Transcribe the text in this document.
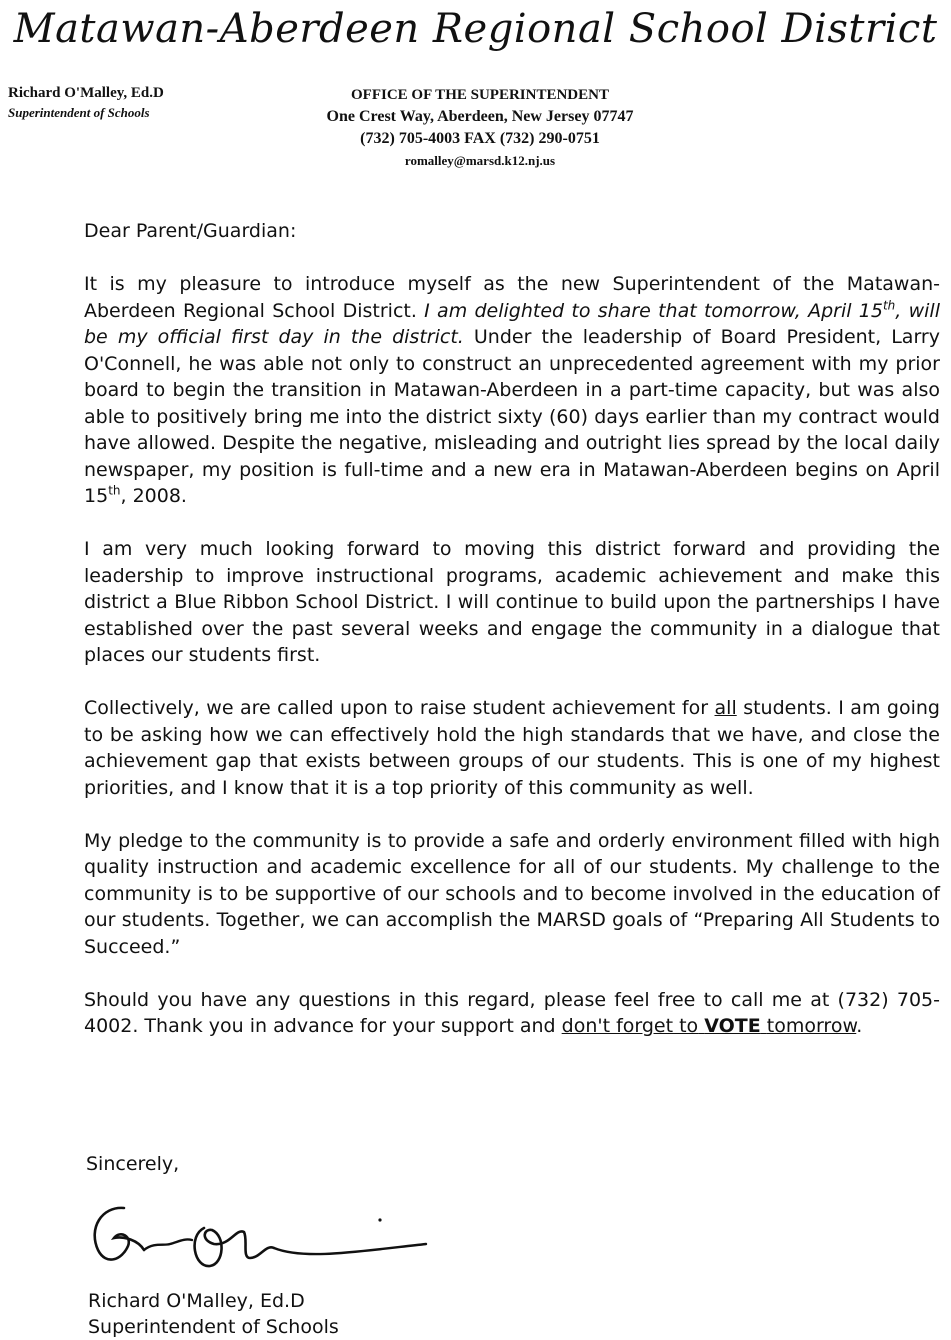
Matawan-Aberdeen Regional School District
Richard O'Malley, Ed.D
Superintendent of Schools
OFFICE OF THE SUPERINTENDENT
One Crest Way, Aberdeen, New Jersey 07747
(732) 705-4003 FAX (732) 290-0751
romalley@marsd.k12.nj.us
Dear Parent/Guardian:

It is my pleasure to introduce myself as the new Superintendent of the Matawan-Aberdeen Regional School District. I am delighted to share that tomorrow, April 15th, will be my official first day in the district. Under the leadership of Board President, Larry O'Connell, he was able not only to construct an unprecedented agreement with my prior board to begin the transition in Matawan-Aberdeen in a part-time capacity, but was also able to positively bring me into the district sixty (60) days earlier than my contract would have allowed. Despite the negative, misleading and outright lies spread by the local daily newspaper, my position is full-time and a new era in Matawan-Aberdeen begins on April 15th, 2008.

I am very much looking forward to moving this district forward and providing the leadership to improve instructional programs, academic achievement and make this district a Blue Ribbon School District. I will continue to build upon the partnerships I have established over the past several weeks and engage the community in a dialogue that places our students first.

Collectively, we are called upon to raise student achievement for all students. I am going to be asking how we can effectively hold the high standards that we have, and close the achievement gap that exists between groups of our students. This is one of my highest priorities, and I know that it is a top priority of this community as well.

My pledge to the community is to provide a safe and orderly environment filled with high quality instruction and academic excellence for all of our students. My challenge to the community is to be supportive of our schools and to become involved in the education of our students. Together, we can accomplish the MARSD goals of “Preparing All Students to Succeed.”

Should you have any questions in this regard, please feel free to call me at (732) 705-4002. Thank you in advance for your support and don't forget to VOTE tomorrow.

Sincerely,
Richard O'Malley, Ed.D
Superintendent of Schools
